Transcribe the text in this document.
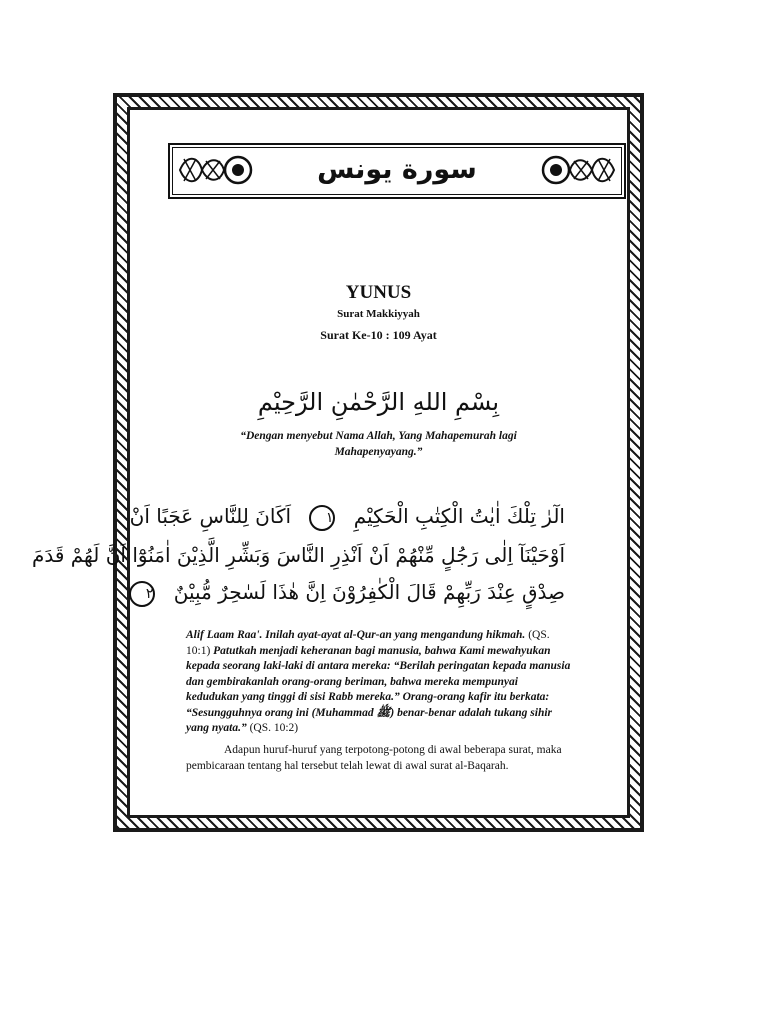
سورة يونس
YUNUS
Surat Makkiyyah
Surat Ke-10 : 109 Ayat
بِسْمِ اللهِ الرَّحْمٰنِ الرَّحِيْمِ
“Dengan menyebut Nama Allah, Yang Mahapemurah lagi Mahapenyayang.”
الٓرٰ تِلْكَ اٰيٰتُ الْكِتٰبِ الْحَكِيْمِ ١ اَكَانَ لِلنَّاسِ عَجَبًا اَنْ
اَوْحَيْنَآ اِلٰى رَجُلٍ مِّنْهُمْ اَنْ اَنْذِرِ النَّاسَ وَبَشِّرِ الَّذِيْنَ اٰمَنُوْٓا اَنَّ لَهُمْ قَدَمَ
صِدْقٍ عِنْدَ رَبِّهِمْ قَالَ الْكٰفِرُوْنَ اِنَّ هٰذَا لَسٰحِرٌ مُّبِيْنٌ ٢
Alif Laam Raa'. Inilah ayat-ayat al-Qur-an yang mengandung hikmah. (QS. 10:1) Patutkah menjadi keheranan bagi manusia, bahwa Kami mewahyukan kepada seorang laki-laki di antara mereka: “Berilah peringatan kepada manusia dan gembirakanlah orang-orang beriman, bahwa mereka mempunyai kedudukan yang tinggi di sisi Rabb mereka.” Orang-orang kafir itu berkata: “Sesungguhnya orang ini (Muhammad ﷺ) benar-benar adalah tukang sihir yang nyata.” (QS. 10:2)
Adapun huruf-huruf yang terpotong-potong di awal beberapa surat, maka pembicaraan tentang hal tersebut telah lewat di awal surat al-Baqarah.
